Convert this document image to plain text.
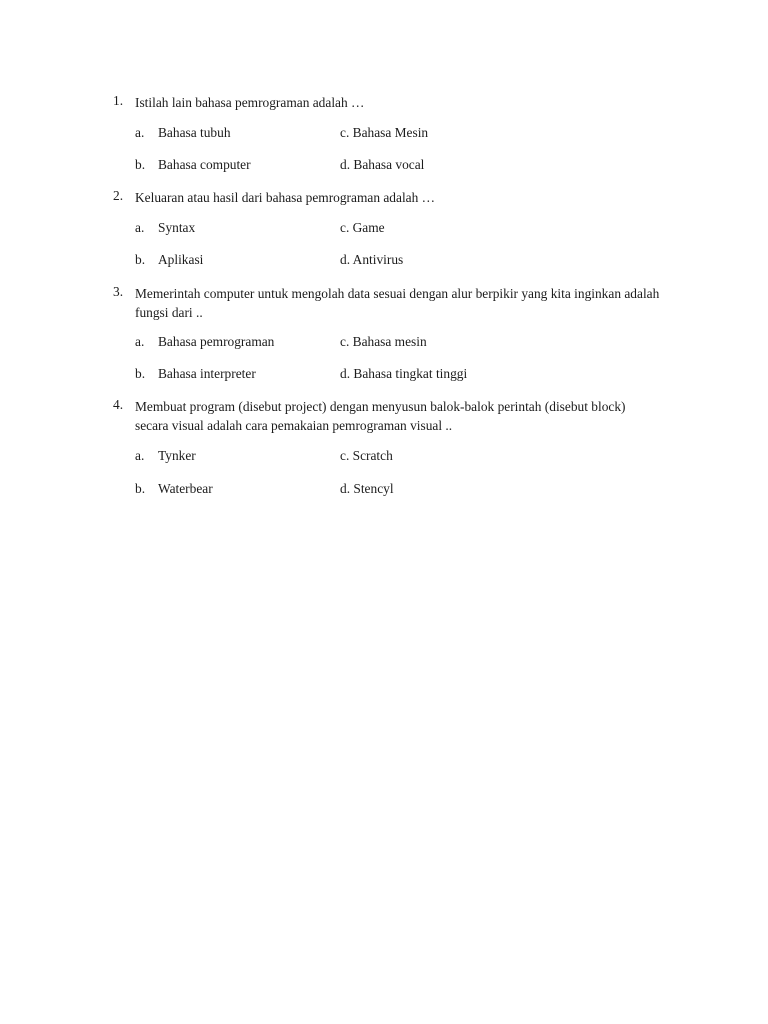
1. Istilah lain bahasa pemrograman adalah …
a. Bahasa tubuh	c. Bahasa Mesin
b. Bahasa computer	d. Bahasa vocal
2. Keluaran atau hasil dari bahasa pemrograman adalah …
a. Syntax	c. Game
b. Aplikasi	d. Antivirus
3. Memerintah computer untuk mengolah data sesuai dengan alur berpikir yang kita inginkan adalah fungsi dari ..
a. Bahasa pemrograman	c. Bahasa mesin
b. Bahasa interpreter	d. Bahasa tingkat tinggi
4. Membuat program (disebut project) dengan menyusun balok-balok perintah (disebut block) secara visual adalah cara pemakaian pemrograman visual ..
a. Tynker	c. Scratch
b. Waterbear	d. Stencyl
